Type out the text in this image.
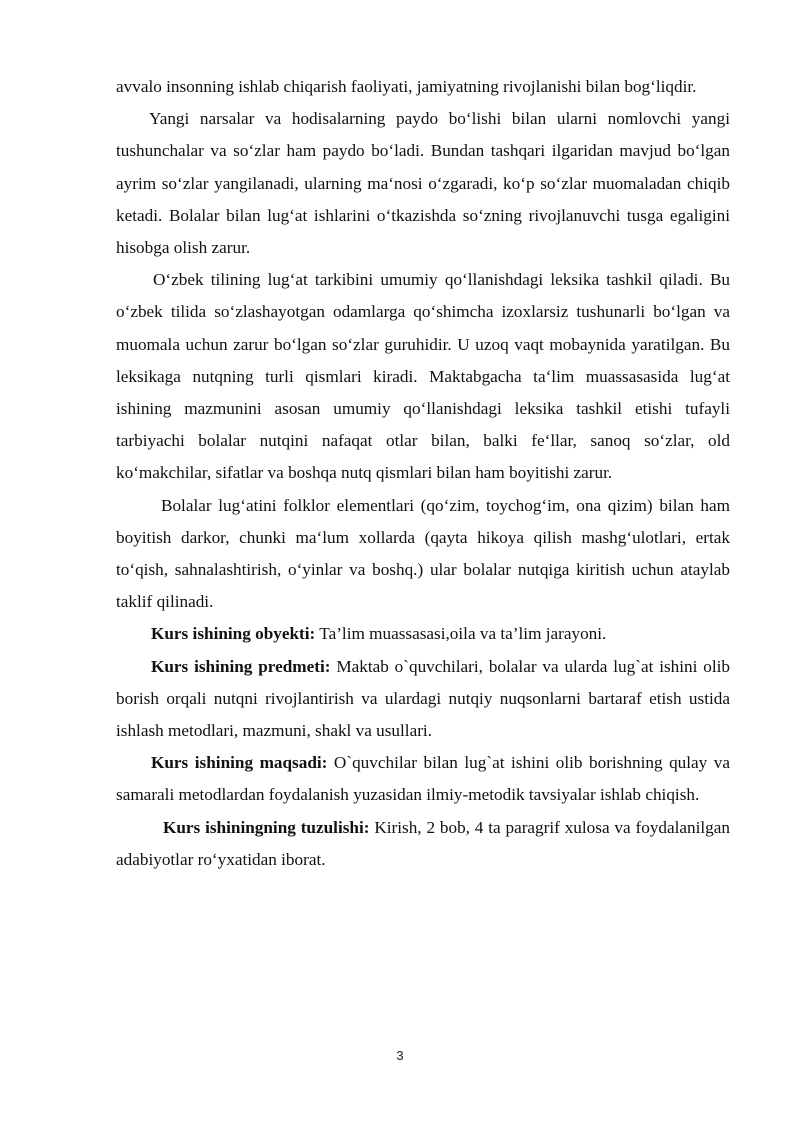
avvalo insonning ishlab chiqarish faoliyati, jamiyatning rivojlanishi bilan bog‘liqdir.

Yangi narsalar va hodisalarning paydo bo‘lishi bilan ularni nomlovchi yangi tushunchalar va so‘zlar ham paydo bo‘ladi. Bundan tashqari ilgaridan mavjud bo‘lgan ayrim so‘zlar yangilanadi, ularning ma‘nosi o‘zgaradi, ko‘p so‘zlar muomaladan chiqib ketadi. Bolalar bilan lug‘at ishlarini o‘tkazishda so‘zning rivojlanuvchi tusga egaligini hisobga olish zarur.

O‘zbek tilining lug‘at tarkibini umumiy qo‘llanishdagi leksika tashkil qiladi. Bu o‘zbek tilida so‘zlashayotgan odamlarga qo‘shimcha izoxlarsiz tushunarli bo‘lgan va muomala uchun zarur bo‘lgan so‘zlar guruhidir. U uzoq vaqt mobaynida yaratilgan. Bu leksikaga nutqning turli qismlari kiradi. Maktabgacha ta‘lim muassasasida lug‘at ishining mazmunini asosan umumiy qo‘llanishdagi leksika tashkil etishi tufayli tarbiyachi bolalar nutqini nafaqat otlar bilan, balki fe‘llar, sanoq so‘zlar, old ko‘makchilar, sifatlar va boshqa nutq qismlari bilan ham boyitishi zarur.

Bolalar lug‘atini folklor elementlari (qo‘zim, toychog‘im, ona qizim) bilan ham boyitish darkor, chunki ma‘lum xollarda (qayta hikoya qilish mashg‘ulotlari, ertak to‘qish, sahnalashtirish, o‘yinlar va boshq.) ular bolalar nutqiga kiritish uchun ataylab taklif qilinadi.

Kurs ishining obyekti: Ta’lim muassasasi,oila va ta’lim jarayoni.

Kurs ishining predmeti: Maktab o`quvchilari, bolalar va ularda lug`at ishini olib borish orqali nutqni rivojlantirish va ulardagi nutqiy nuqsonlarni bartaraf etish ustida ishlash metodlari, mazmuni, shakl va usullari.

Kurs ishining maqsadi: O`quvchilar bilan lug`at ishini olib borishning qulay va samarali metodlardan foydalanish yuzasidan ilmiy-metodik tavsiyalar ishlab chiqish.

Kurs ishiningning tuzulishi: Kirish, 2 bob, 4 ta paragrif xulosa va foydalanilgan adabiyotlar ro‘yxatidan iborat.

3
